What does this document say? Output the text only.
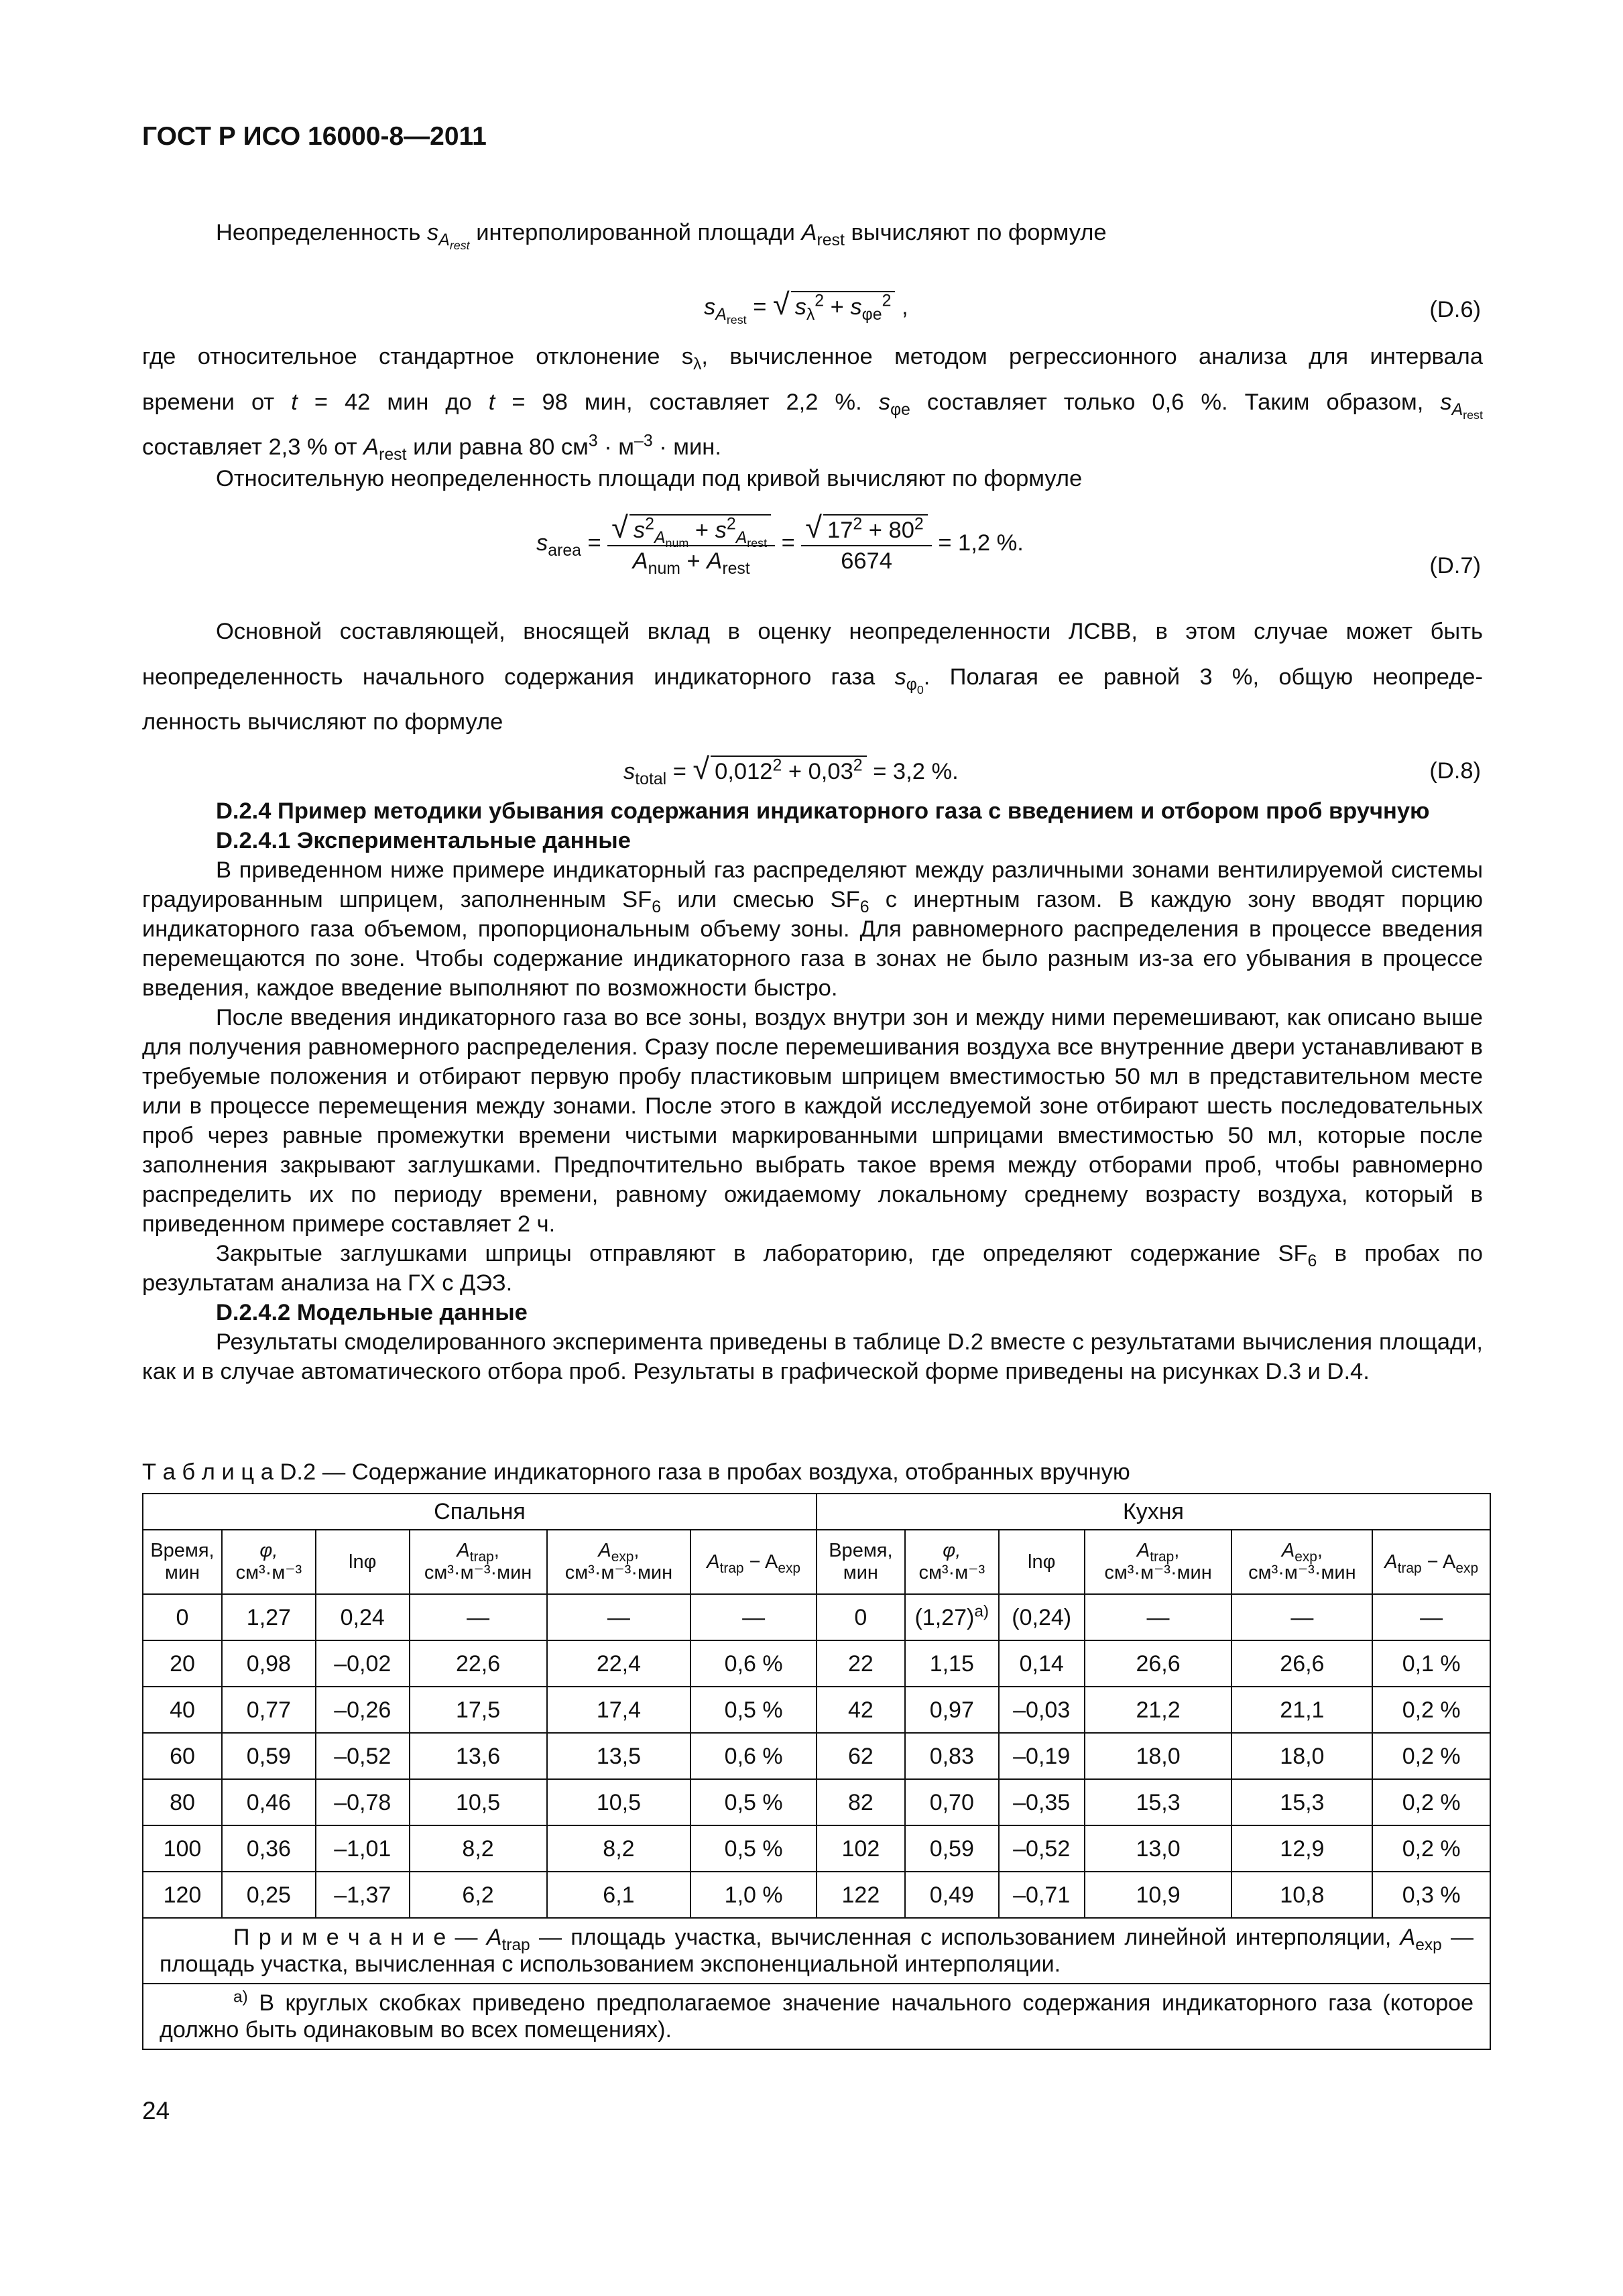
ГОСТ Р ИСО 16000-8—2011
Неопределенность $s_{A_{rest}}$ интерполированной площади $A_{rest}$ вычисляют по формуле
$s_{A_{rest}}$ = √ $s_\lambda^2 + s_{\varphi e}^2$ ,	(D.6)

где относительное стандартное отклонение $s_\lambda$, вычисленное методом регрессионного анализа для интервала

времени от t = 42 мин до t = 98 мин, составляет 2,2 %. $s_{\varphi e}$ составляет только 0,6 %. Таким образом, $s_{A_{rest}}$

составляет 2,3 % от $A_{rest}$ или равна 80 $см^3 \cdot м^{-3}$ · мин.

Относительную неопределенность площади под кривой вычисляют по формуле
$s_{area} = \frac{√ s^2_{A_{num}} + s^2_{A_{rest}}}{A_{num} + A_{rest}} = \frac{√ 17^2 + 80^2}{6674} = 1,2$ %.
(D.7)

Основной составляющей, вносящей вклад в оценку неопределенности ЛСВВ, в этом случае может быть

неопределенность начального содержания индикаторного газа $s_{\varphi_0}$. Полагая ее равной 3 %, общую неопреде-

ленность вычисляют по формуле

$s_{total}$ = √ $0,012^2 + 0,03^2 = 3,2$ %.	(D.8)
D.2.4 Пример методики убывания содержания индикаторного газа с введением и отбором проб вручную
D.2.4.1 Экспериментальные данные

В приведенном ниже примере индикаторный газ распределяют между различными зонами вентилируемой системы градуированным шприцем, заполненным $SF_6$ или смесью $SF_6$ с инертным газом. В каждую зону вводят порцию индикаторного газа объемом, пропорциональным объему зоны. Для равномерного распределения в процессе введения перемещаются по зоне. Чтобы содержание индикаторного газа в зонах не было разным из-за его убывания в процессе введения, каждое введение выполняют по возможности быстро.

После введения индикаторного газа во все зоны, воздух внутри зон и между ними перемешивают, как описано выше для получения равномерного распределения. Сразу после перемешивания воздуха все внутренние двери устанавливают в требуемые положения и отбирают первую пробу пластиковым шприцем вместимостью 50 мл в представительном месте или в процессе перемещения между зонами. После этого в каждой исследуемой зоне отбирают шесть последовательных проб через равные промежутки времени чистыми маркированными шприцами вместимостью 50 мл, которые после заполнения закрывают заглушками. Предпочтительно выбрать такое время между отборами проб, чтобы равномерно распределить их по периоду времени, равному ожидаемому локальному среднему возрасту воздуха, который в приведенном примере составляет 2 ч.

Закрытые заглушками шприцы отправляют в лабораторию, где определяют содержание $SF_6$ в пробах по результатам анализа на ГХ с ДЭЗ.

D.2.4.2 Модельные данные

Результаты смоделированного эксперимента приведены в таблице D.2 вместе с результатами вычисления площади, как и в случае автоматического отбора проб. Результаты в графической форме приведены на рисунках D.3 и D.4.

Т а б л и ц а D.2 — Содержание индикаторного газа в пробах воздуха, отобранных вручную
Спальня						Кухня					
Время, мин	φ,
см³·м⁻³	lnφ	$A_{trap}$,
см³·м⁻³·мин	$A_{exp}$,
см³·м⁻³·мин	$A_{trap} - A_{exp}$	Время, мин	φ,
см³·м⁻³	lnφ	$A_{trap}$,
см³·м⁻³·мин	$A_{exp}$,
см³·м⁻³·мин	$A_{trap} - A_{exp}$
0	1,27	0,24	—	—	—	0	$(1,27)^{a)}$	(0,24)	—	—	—
20	0,98	–0,02	22,6	22,4	0,6 %	22	1,15	0,14	26,6	26,6	0,1 %
40	0,77	–0,26	17,5	17,4	0,5 %	42	0,97	–0,03	21,2	21,1	0,2 %
60	0,59	–0,52	13,6	13,5	0,6 %	62	0,83	–0,19	18,0	18,0	0,2 %
80	0,46	–0,78	10,5	10,5	0,5 %	82	0,70	–0,35	15,3	15,3	0,2 %
100	0,36	–1,01	8,2	8,2	0,5 %	102	0,59	–0,52	13,0	12,9	0,2 %
120	0,25	–1,37	6,2	6,1	1,0 %	122	0,49	–0,71	10,9	10,8	0,3 %
П р и м е ч а н и е — $A_{trap}$ — площадь участка, вычисленная с использованием линейной интерполяции, $A_{exp}$ — площадь участка, вычисленная с использованием экспоненциальной интерполяции.											
$^{a)}$ В круглых скобках приведено предполагаемое значение начального содержания индикаторного газа (которое должно быть одинаковым во всех помещениях).											
24
